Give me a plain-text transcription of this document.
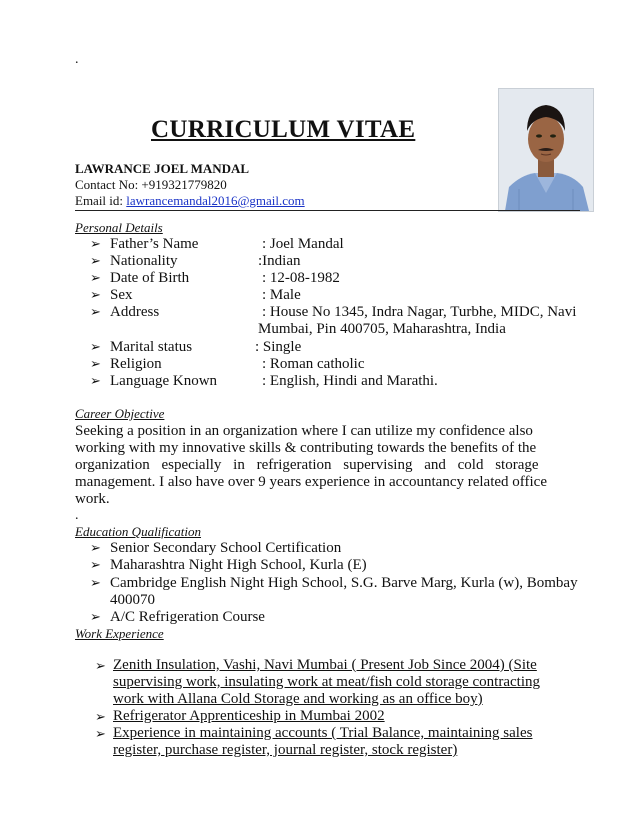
.
CURRICULUM VITAE
LAWRANCE JOEL MANDAL
Contact No: +919321779820
Email id: lawrancemandal2016@gmail.com
Personal Details
➢ Father’s Name	: Joel Mandal
➢ Nationality	:Indian
➢ Date of Birth	: 12-08-1982
➢ Sex	: Male
➢ Address	: House No 1345, Indra Nagar, Turbhe, MIDC, Navi
Mumbai, Pin 400705, Maharashtra, India
➢ Marital status	: Single
➢ Religion	: Roman catholic
➢ Language Known	: English, Hindi and Marathi.
Career Objective
Seeking a position in an organization where I can utilize my confidence also
working with my innovative skills & contributing towards the benefits of the
organization especially in refrigeration supervising and cold storage
management. I also have over 9 years experience in accountancy related office
work.
.
Education Qualification
➢ Senior Secondary School Certification
➢ Maharashtra Night High School, Kurla (E)
➢ Cambridge English Night High School, S.G. Barve Marg, Kurla (w), Bombay
400070
➢ A/C Refrigeration Course
Work Experience
➢ Zenith Insulation, Vashi, Navi Mumbai ( Present Job Since 2004) (Site
supervising work, insulating work at meat/fish cold storage contracting
work with Allana Cold Storage and working as an office boy)
➢ Refrigerator Apprenticeship in Mumbai 2002
➢ Experience in maintaining accounts ( Trial Balance, maintaining sales
register, purchase register, journal register, stock register)
